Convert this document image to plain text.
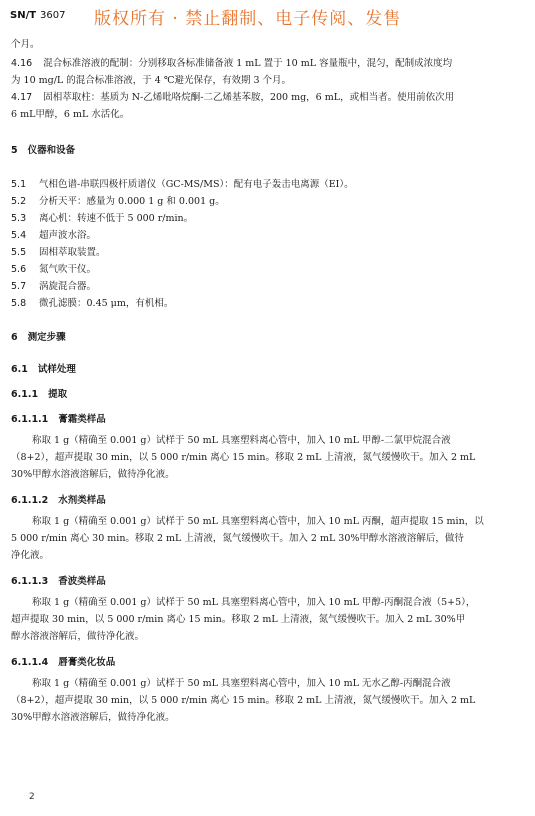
SN/T 3607 版权所有 · 禁止翻制、电子传阅、发售

个月。

4.16 混合标准溶液的配制：分别移取各标准储备液 1 mL 置于 10 mL 容量瓶中，混匀，配制成浓度均
为 10 mg/L 的混合标准溶液，于 4 ℃避光保存，有效期 3 个月。

4.17 固相萃取柱：基质为 N-乙烯吡咯烷酮-二乙烯基苯胺，200 mg，6 mL，或相当者。使用前依次用
6 mL甲醇，6 mL 水活化。

5 仪器和设备

5.1	气相色谱-串联四极杆质谱仪（GC-MS/MS）：配有电子轰击电离源（EI）。
5.2	分析天平：感量为 0.000 1 g 和 0.001 g。
5.3	离心机：转速不低于 5 000 r/min。
5.4	超声波水浴。
5.5	固相萃取装置。
5.6	氮气吹干仪。
5.7	涡旋混合器。
5.8	微孔滤膜：0.45 μm，有机相。

6 测定步骤

6.1 试样处理

6.1.1 提取

6.1.1.1 膏霜类样品

称取 1 g（精确至 0.001 g）试样于 50 mL 具塞塑料离心管中，加入 10 mL 甲醇-二氯甲烷混合液
（8+2），超声提取 30 min，以 5 000 r/min 离心 15 min。移取 2 mL 上清液，氮气缓慢吹干。加入 2 mL
30%甲醇水溶液溶解后，做待净化液。

6.1.1.2 水剂类样品

称取 1 g（精确至 0.001 g）试样于 50 mL 具塞塑料离心管中，加入 10 mL 丙酮，超声提取 15 min，以
5 000 r/min 离心 30 min。移取 2 mL 上清液，氮气缓慢吹干。加入 2 mL 30%甲醇水溶液溶解后，做待
净化液。

6.1.1.3 香波类样品

称取 1 g（精确至 0.001 g）试样于 50 mL 具塞塑料离心管中，加入 10 mL 甲醇-丙酮混合液（5+5），
超声提取 30 min，以 5 000 r/min 离心 15 min。移取 2 mL 上清液，氮气缓慢吹干。加入 2 mL 30%甲
醇水溶液溶解后，做待净化液。

6.1.1.4 唇膏类化妆品

称取 1 g（精确至 0.001 g）试样于 50 mL 具塞塑料离心管中，加入 10 mL 无水乙醇-丙酮混合液
（8+2），超声提取 30 min，以 5 000 r/min 离心 15 min。移取 2 mL 上清液，氮气缓慢吹干。加入 2 mL
30%甲醇水溶液溶解后，做待净化液。

2
